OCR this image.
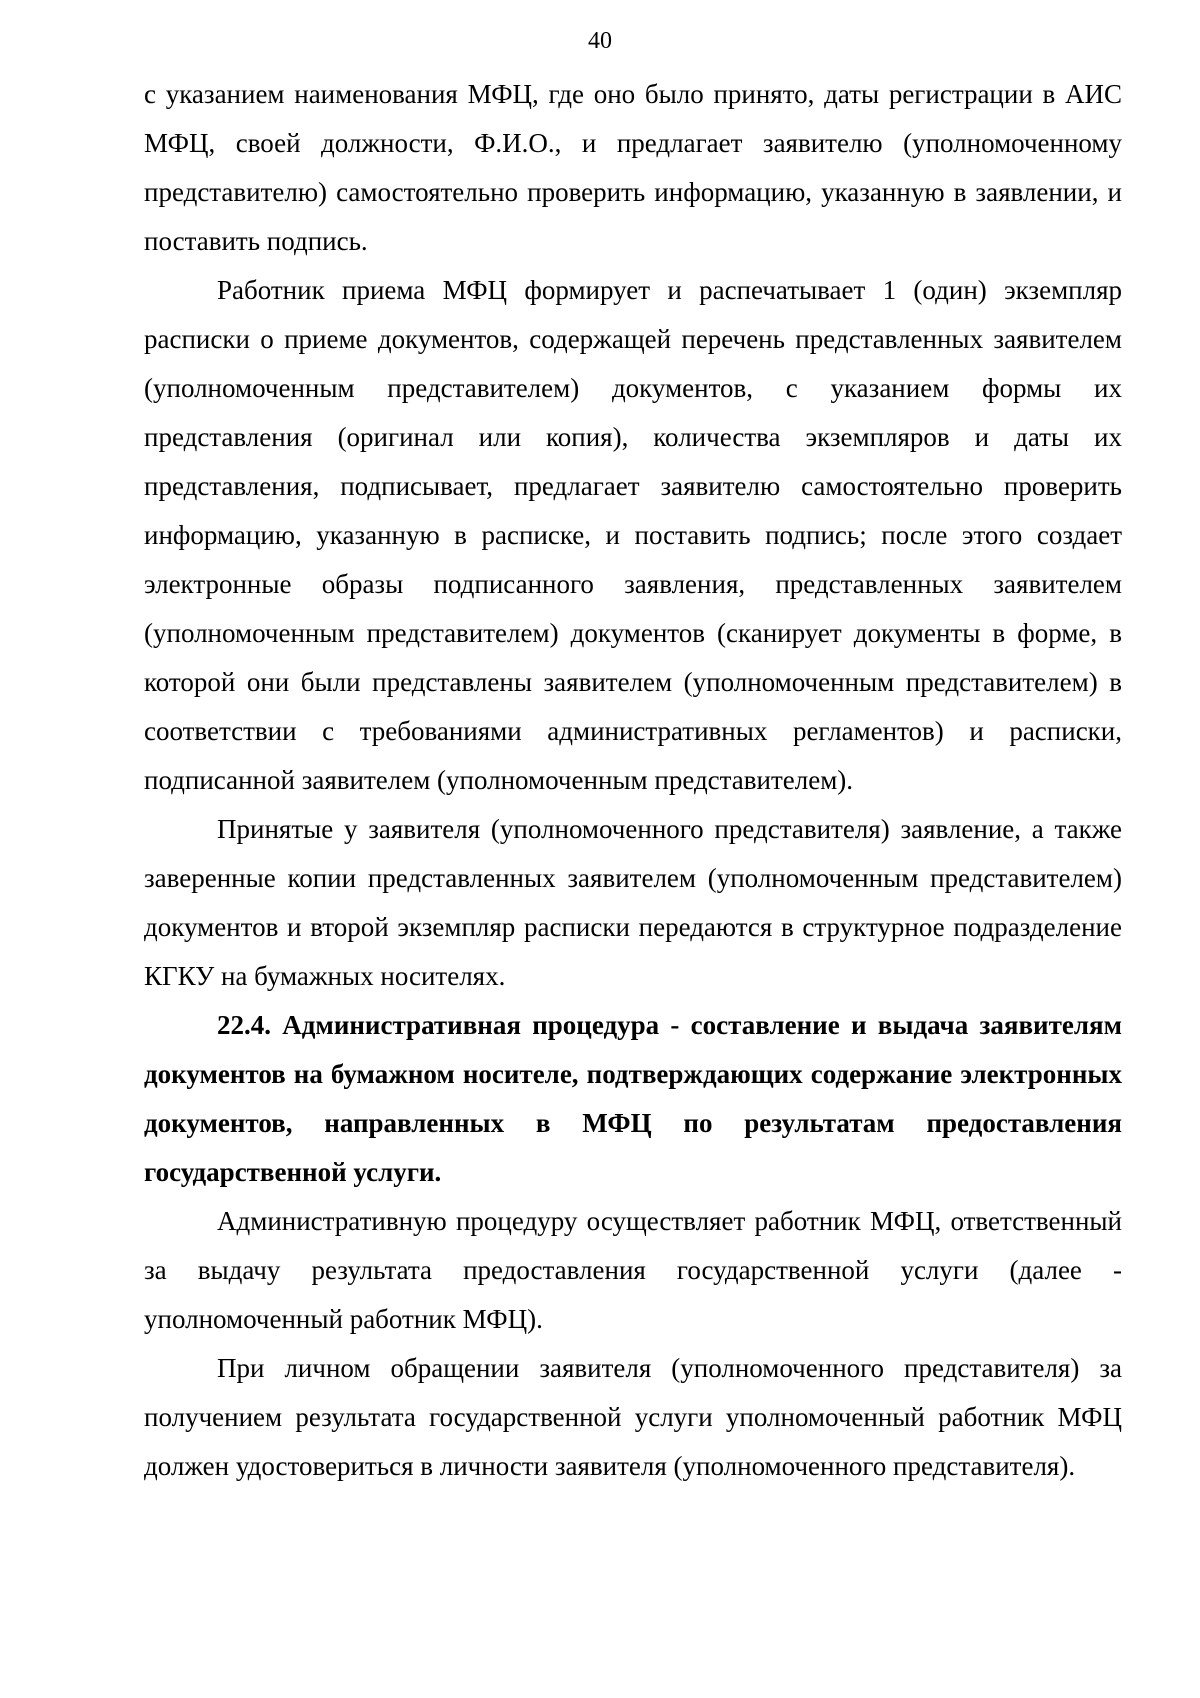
40

с указанием наименования МФЦ, где оно было принято, даты регистрации в АИС МФЦ, своей должности, Ф.И.О., и предлагает заявителю (уполномоченному представителю) самостоятельно проверить информацию, указанную в заявлении, и поставить подпись.

Работник приема МФЦ формирует и распечатывает 1 (один) экземпляр расписки о приеме документов, содержащей перечень представленных заявителем (уполномоченным представителем) документов, с указанием формы их представления (оригинал или копия), количества экземпляров и даты их представления, подписывает, предлагает заявителю самостоятельно проверить информацию, указанную в расписке, и поставить подпись; после этого создает электронные образы подписанного заявления, представленных заявителем (уполномоченным представителем) документов (сканирует документы в форме, в которой они были представлены заявителем (уполномоченным представителем) в соответствии с требованиями административных регламентов) и расписки, подписанной заявителем (уполномоченным представителем).

Принятые у заявителя (уполномоченного представителя) заявление, а также заверенные копии представленных заявителем (уполномоченным представителем) документов и второй экземпляр расписки передаются в структурное подразделение КГКУ на бумажных носителях.

22.4. Административная процедура - составление и выдача заявителям документов на бумажном носителе, подтверждающих содержание электронных документов, направленных в МФЦ по результатам предоставления государственной услуги.

Административную процедуру осуществляет работник МФЦ, ответственный за выдачу результата предоставления государственной услуги (далее - уполномоченный работник МФЦ).

При личном обращении заявителя (уполномоченного представителя) за получением результата государственной услуги уполномоченный работник МФЦ должен удостовериться в личности заявителя (уполномоченного представителя).
